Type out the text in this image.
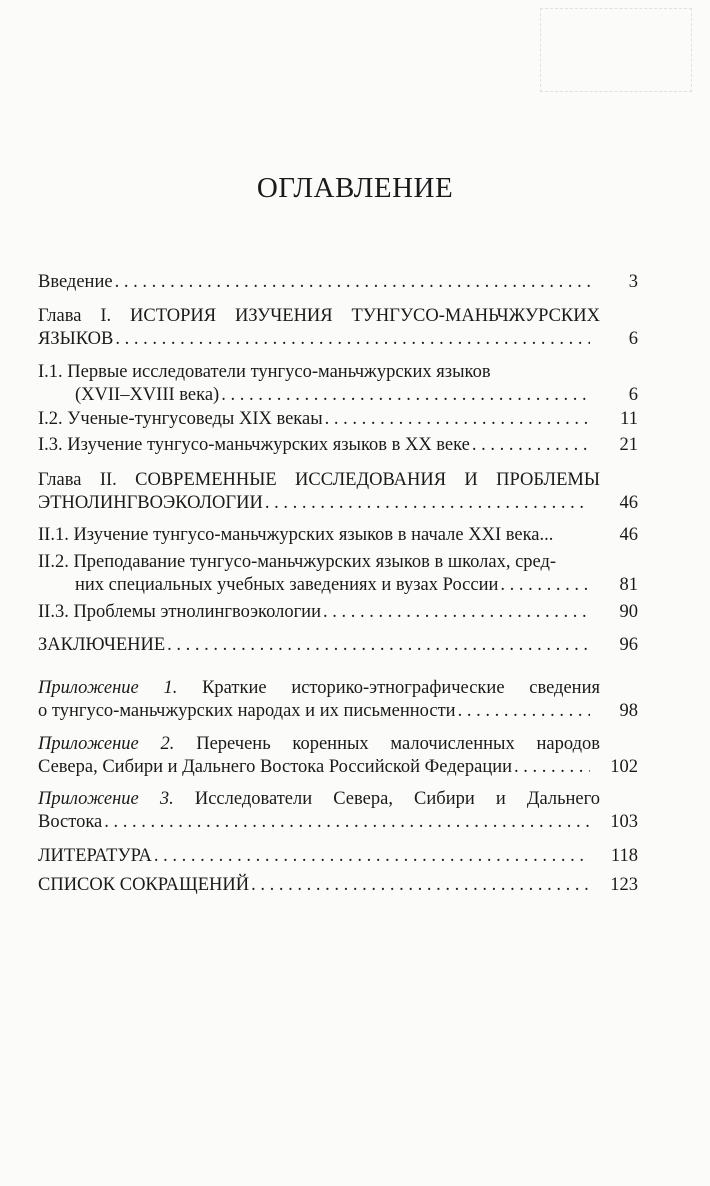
ОГЛАВЛЕНИЕ
Введение . . .	3
Глава I. ИСТОРИЯ ИЗУЧЕНИЯ ТУНГУСО-МАНЬЧЖУРСКИХ
ЯЗЫКОВ . . .	6
I.1. Первые исследователи тунгусо-маньчжурских языков
(XVII–XVIII века) . . .	6
I.2. Ученые-тунгусоведы XIX векаы . . .	11
I.3. Изучение тунгусо-маньчжурских языков в XX веке . . .	21
Глава II. СОВРЕМЕННЫЕ ИССЛЕДОВАНИЯ И ПРОБЛЕМЫ
ЭТНОЛИНГВОЭКОЛОГИИ . . .	46
II.1. Изучение тунгусо-маньчжурских языков в начале XXI века...	46
II.2. Преподавание тунгусо-маньчжурских языков в школах, сред-
них специальных учебных заведениях и вузах России . . .	81
II.3. Проблемы этнолингвоэкологии . . .	90
ЗАКЛЮЧЕНИЕ . . .	96
Приложение 1. Краткие историко-этнографические сведения
о тунгусо-маньчжурских народах и их письменности . . .	98
Приложение 2. Перечень коренных малочисленных народов
Севера, Сибири и Дальнего Востока Российской Федерации . . .	102
Приложение 3. Исследователи Севера, Сибири и Дальнего
Востока . . .	103
ЛИТЕРАТУРА . . .	118
СПИСОК СОКРАЩЕНИЙ . . .	123
